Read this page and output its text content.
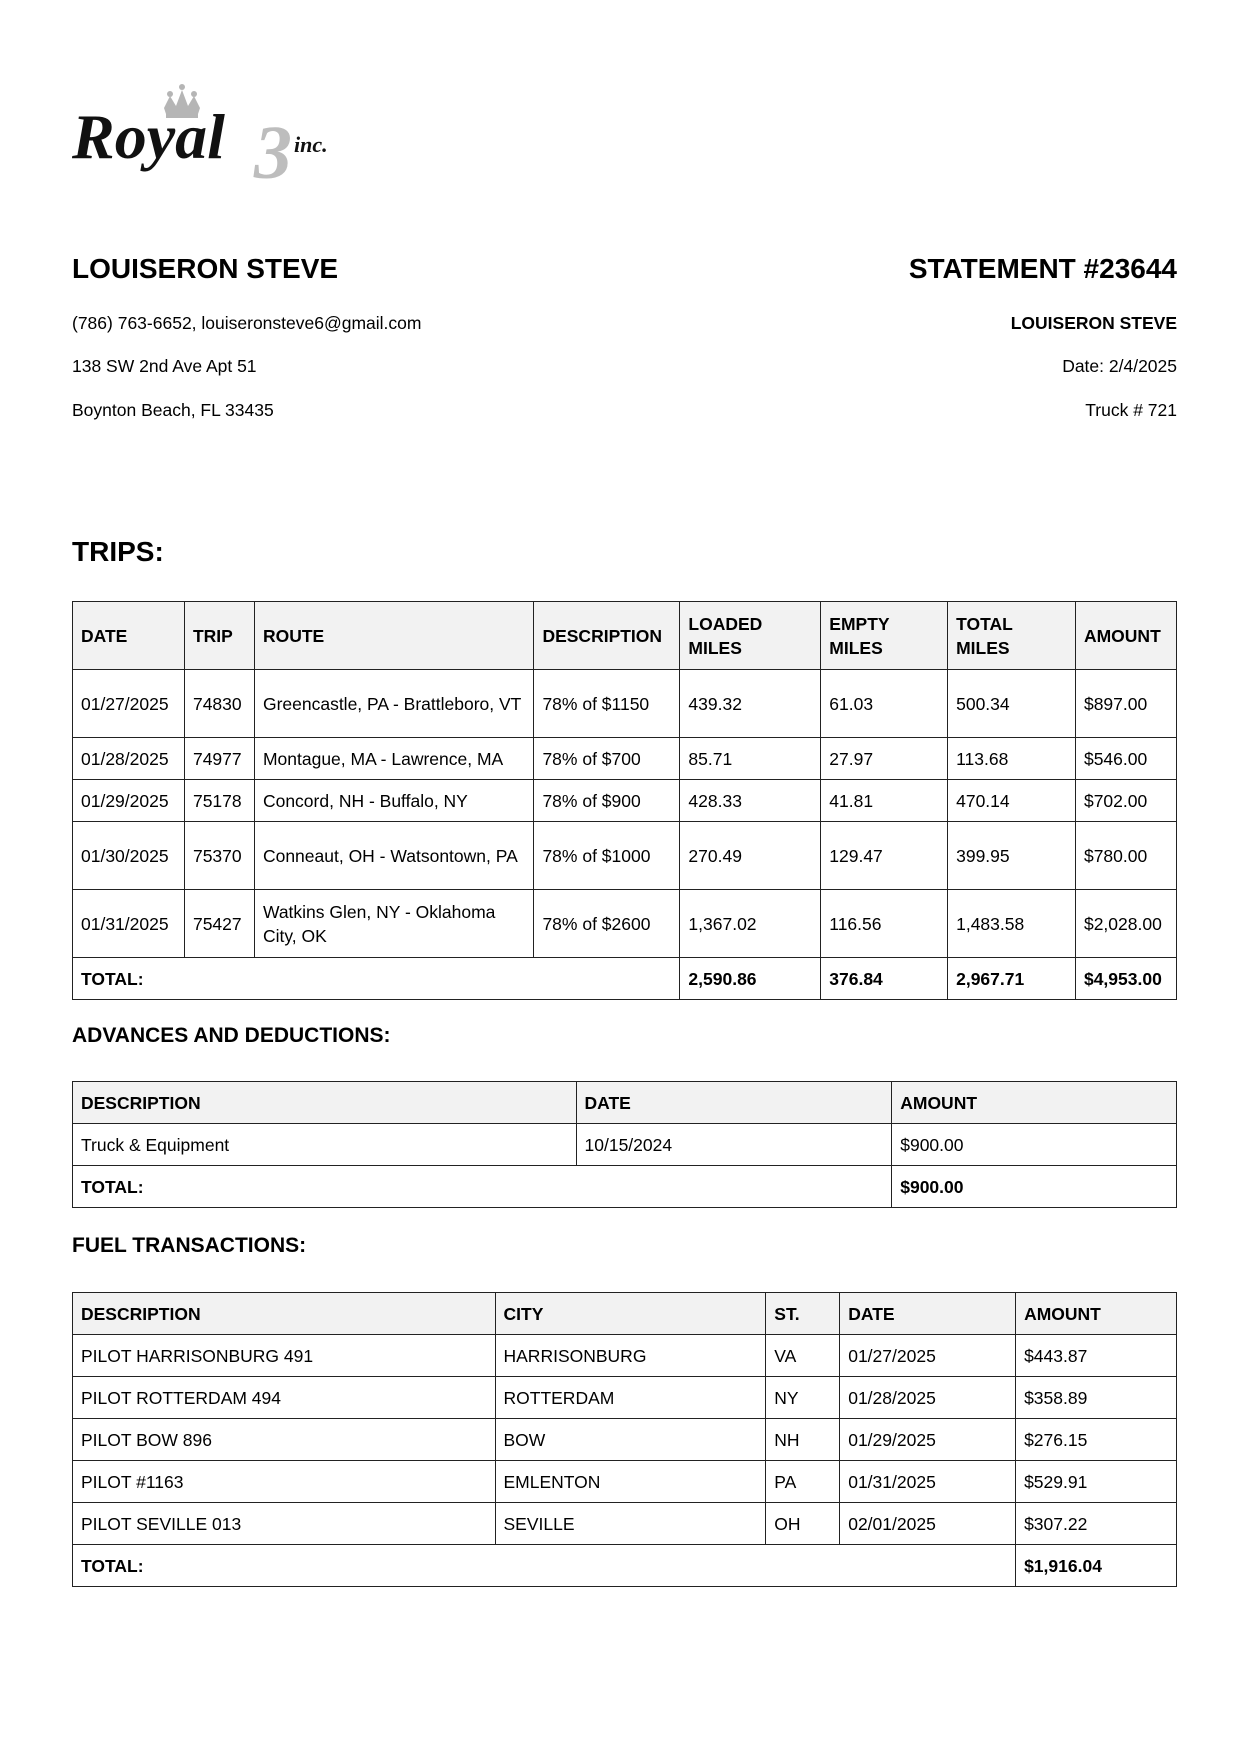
Royal 3 inc.
LOUISERON STEVE
(786) 763-6652, louiseronsteve6@gmail.com
138 SW 2nd Ave Apt 51
Boynton Beach, FL 33435
STATEMENT #23644
LOUISERON STEVE
Date: 2/4/2025
Truck # 721
TRIPS:
DATE	TRIP	ROUTE	DESCRIPTION	LOADED MILES	EMPTY MILES	TOTAL MILES	AMOUNT
01/27/2025	74830	Greencastle, PA - Brattleboro, VT	78% of $1150	439.32	61.03	500.34	$897.00
01/28/2025	74977	Montague, MA - Lawrence, MA	78% of $700	85.71	27.97	113.68	$546.00
01/29/2025	75178	Concord, NH - Buffalo, NY	78% of $900	428.33	41.81	470.14	$702.00
01/30/2025	75370	Conneaut, OH - Watsontown, PA	78% of $1000	270.49	129.47	399.95	$780.00
01/31/2025	75427	Watkins Glen, NY - Oklahoma City, OK	78% of $2600	1,367.02	116.56	1,483.58	$2,028.00
TOTAL:				2,590.86	376.84	2,967.71	$4,953.00
ADVANCES AND DEDUCTIONS:
DESCRIPTION	DATE	AMOUNT
Truck & Equipment	10/15/2024	$900.00
TOTAL:		$900.00
FUEL TRANSACTIONS:
DESCRIPTION	CITY	ST.	DATE	AMOUNT
PILOT HARRISONBURG 491	HARRISONBURG	VA	01/27/2025	$443.87
PILOT ROTTERDAM 494	ROTTERDAM	NY	01/28/2025	$358.89
PILOT BOW 896	BOW	NH	01/29/2025	$276.15
PILOT #1163	EMLENTON	PA	01/31/2025	$529.91
PILOT SEVILLE 013	SEVILLE	OH	02/01/2025	$307.22
TOTAL:				$1,916.04
